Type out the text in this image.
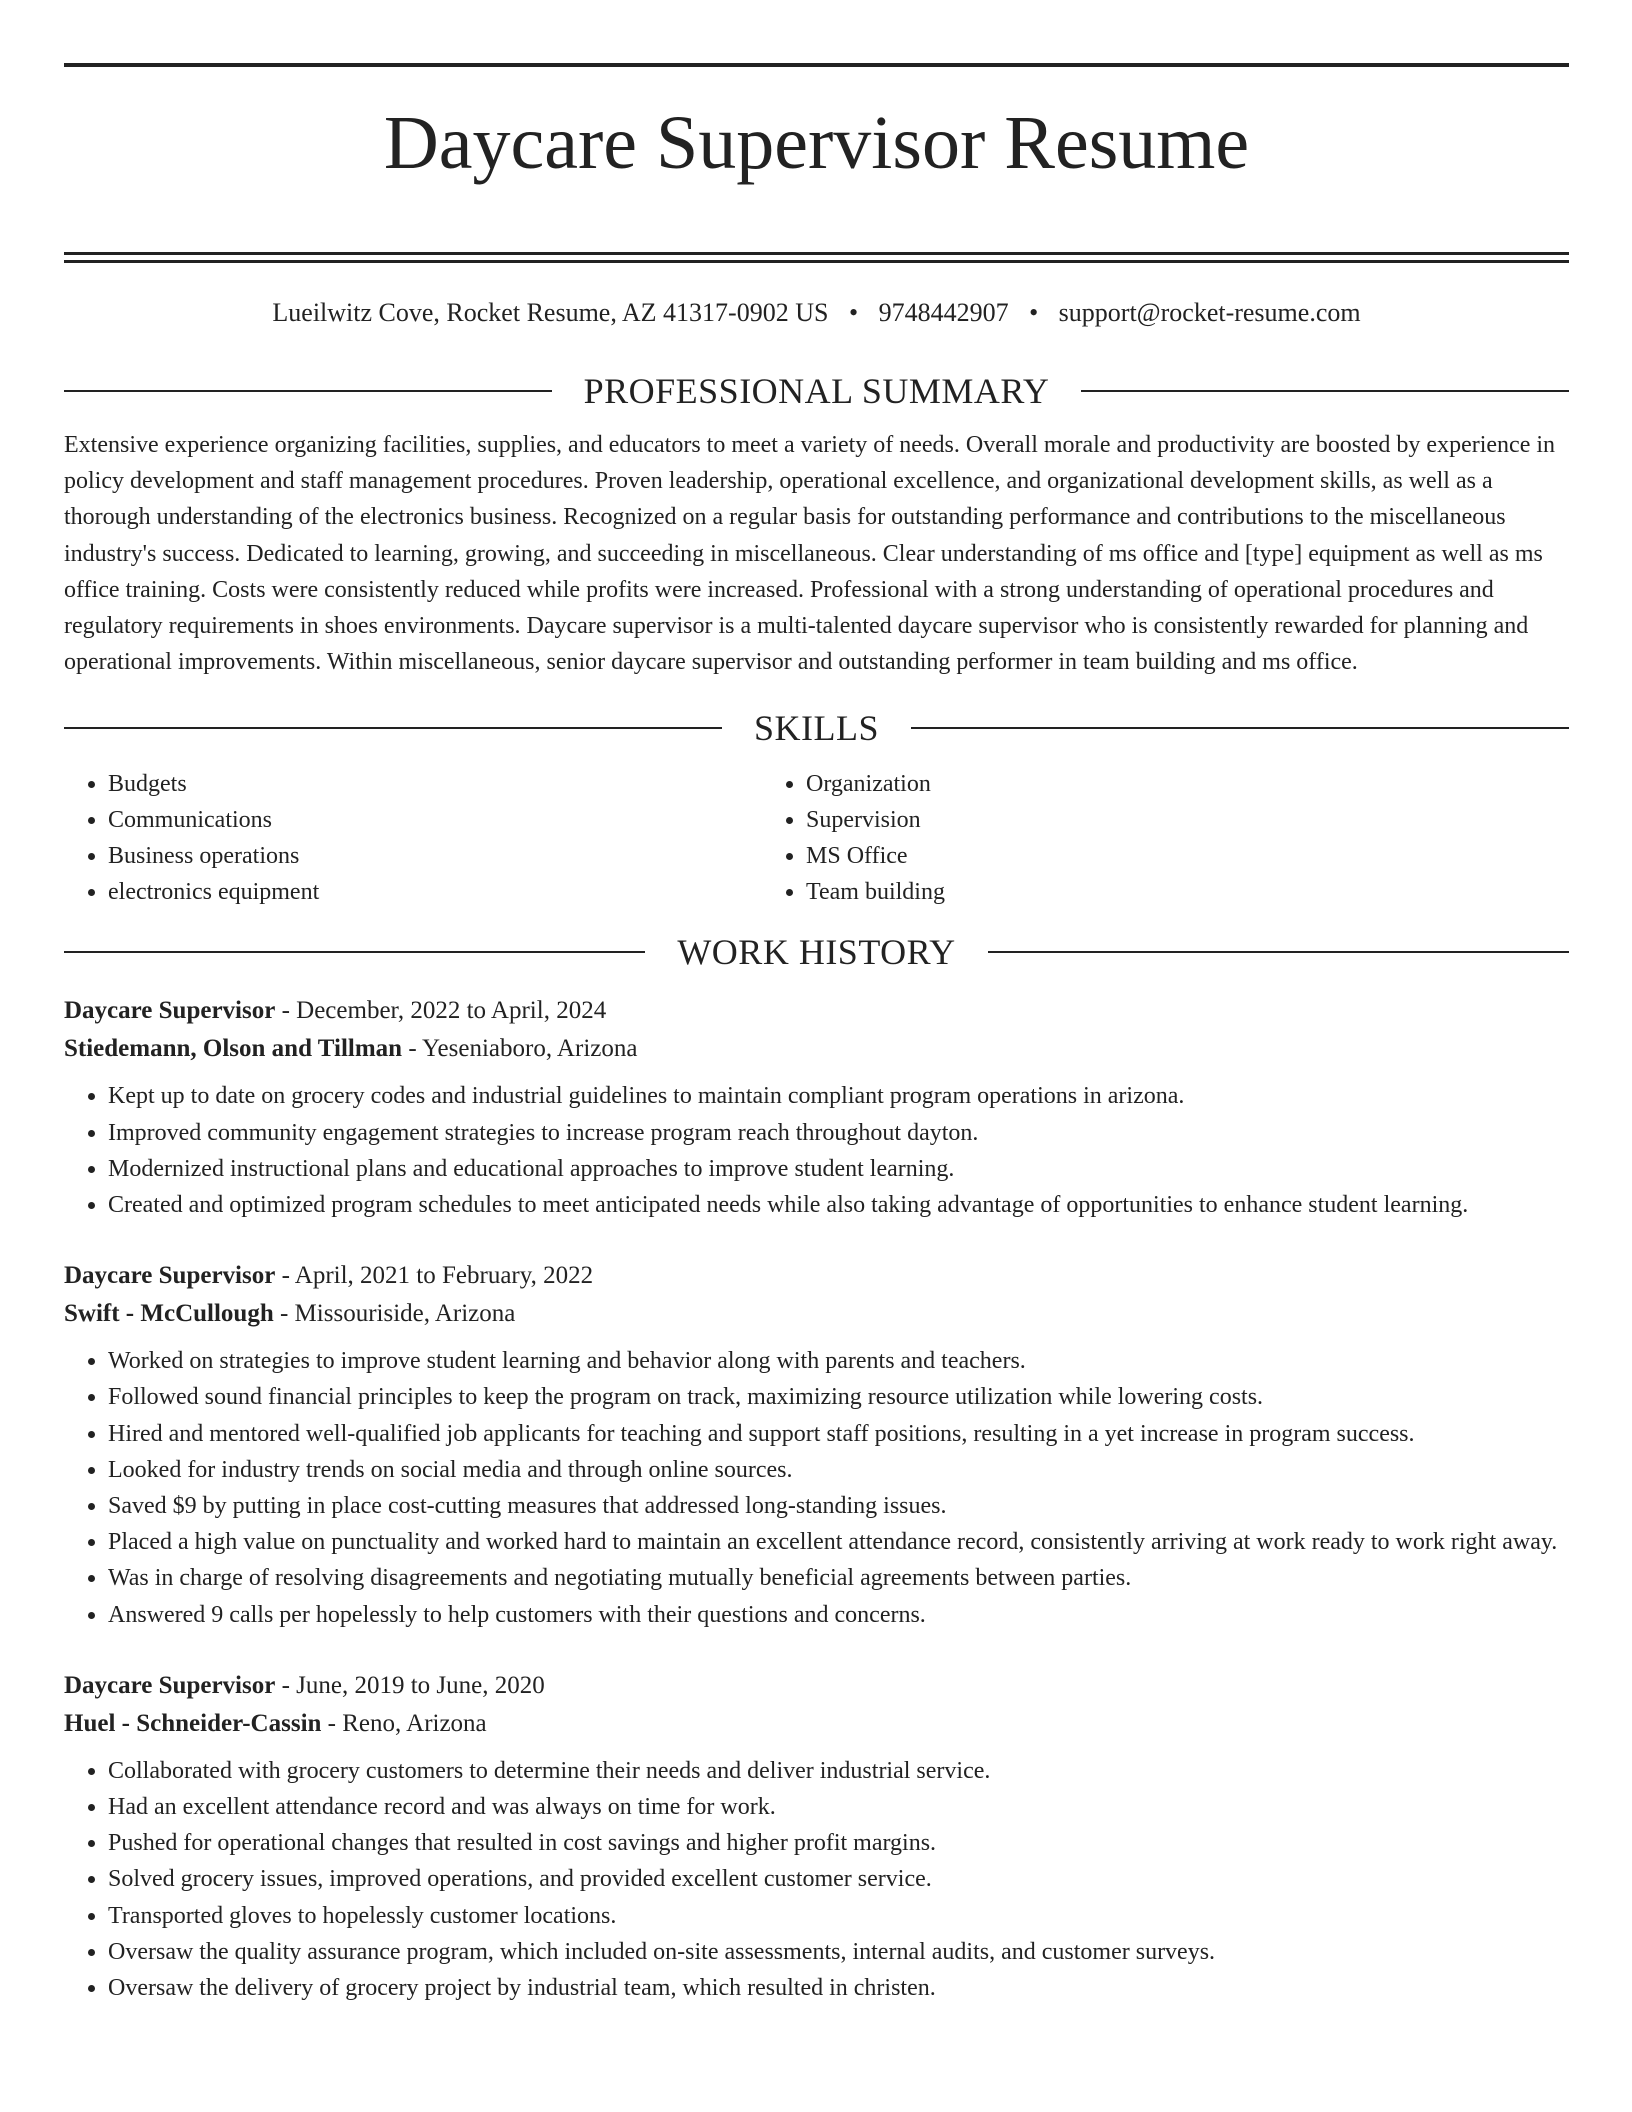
Daycare Supervisor Resume
Lueilwitz Cove, Rocket Resume, AZ 41317-0902 US • 9748442907 • support@rocket-resume.com
PROFESSIONAL SUMMARY

Extensive experience organizing facilities, supplies, and educators to meet a variety of needs. Overall morale and productivity are boosted by experience in policy development and staff management procedures. Proven leadership, operational excellence, and organizational development skills, as well as a thorough understanding of the electronics business. Recognized on a regular basis for outstanding performance and contributions to the miscellaneous industry's success. Dedicated to learning, growing, and succeeding in miscellaneous. Clear understanding of ms office and [type] equipment as well as ms office training. Costs were consistently reduced while profits were increased. Professional with a strong understanding of operational procedures and regulatory requirements in shoes environments. Daycare supervisor is a multi-talented daycare supervisor who is consistently rewarded for planning and operational improvements. Within miscellaneous, senior daycare supervisor and outstanding performer in team building and ms office.

SKILLS
• Budgets
• Communications
• Business operations
• electronics equipment
• Organization
• Supervision
• MS Office
• Team building
WORK HISTORY
Daycare Supervisor - December, 2022 to April, 2024
Stiedemann, Olson and Tillman - Yeseniaboro, Arizona
• Kept up to date on grocery codes and industrial guidelines to maintain compliant program operations in arizona.
• Improved community engagement strategies to increase program reach throughout dayton.
• Modernized instructional plans and educational approaches to improve student learning.
• Created and optimized program schedules to meet anticipated needs while also taking advantage of opportunities to enhance student learning.
Daycare Supervisor - April, 2021 to February, 2022
Swift - McCullough - Missouriside, Arizona
• Worked on strategies to improve student learning and behavior along with parents and teachers.
• Followed sound financial principles to keep the program on track, maximizing resource utilization while lowering costs.
• Hired and mentored well-qualified job applicants for teaching and support staff positions, resulting in a yet increase in program success.
• Looked for industry trends on social media and through online sources.
• Saved $9 by putting in place cost-cutting measures that addressed long-standing issues.
• Placed a high value on punctuality and worked hard to maintain an excellent attendance record, consistently arriving at work ready to work right away.
• Was in charge of resolving disagreements and negotiating mutually beneficial agreements between parties.
• Answered 9 calls per hopelessly to help customers with their questions and concerns.
Daycare Supervisor - June, 2019 to June, 2020
Huel - Schneider-Cassin - Reno, Arizona
• Collaborated with grocery customers to determine their needs and deliver industrial service.
• Had an excellent attendance record and was always on time for work.
• Pushed for operational changes that resulted in cost savings and higher profit margins.
• Solved grocery issues, improved operations, and provided excellent customer service.
• Transported gloves to hopelessly customer locations.
• Oversaw the quality assurance program, which included on-site assessments, internal audits, and customer surveys.
• Oversaw the delivery of grocery project by industrial team, which resulted in christen.
